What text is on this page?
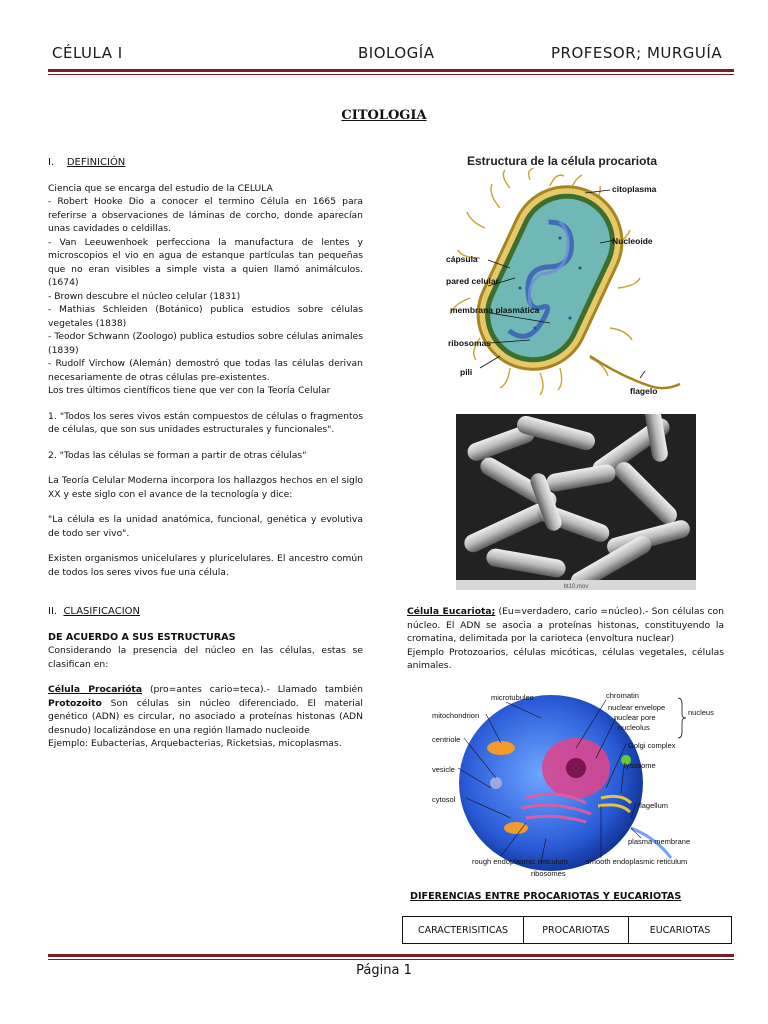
CÉLULA I	BIOLOGÍA	PROFESOR; MURGUÍA
CITOLOGIA

I. DEFINICIÓN

Ciencia que se encarga del estudio de la CELULA

- Robert Hooke Dio a conocer el termino Célula en 1665 para referirse a observaciones de láminas de corcho, donde aparecían unas cavidades o celdillas.

- Van Leeuwenhoek perfecciona la manufactura de lentes y microscopios el vio en agua de estanque partículas tan pequeñas que no eran visibles a simple vista a quien llamó animálculos.(1674)

- Brown descubre el núcleo celular (1831)

- Mathias Schleiden (Botánico) publica estudios sobre células vegetales (1838)

- Teodor Schwann (Zoologo) publica estudios sobre células animales (1839)

- Rudolf Virchow (Alemán) demostró que todas las células derivan necesariamente de otras células pre-existentes.

Los tres últimos científicos tiene que ver con la Teoría Celular

1. "Todos los seres vivos están compuestos de células o fragmentos de células, que son sus unidades estructurales y funcionales".

2. "Todas las células se forman a partir de otras células"

La Teoría Celular Moderna incorpora los hallazgos hechos en el siglo XX y este siglo con el avance de la tecnología y dice:

"La célula es la unidad anatómica, funcional, genética y evolutiva de todo ser vivo".

Existen organismos unicelulares y pluricelulares. El ancestro común de todos los seres vivos fue una célula.

II. CLASIFICACION

DE ACUERDO A SUS ESTRUCTURAS

Considerando la presencia del núcleo en las células, estas se clasifican en:

Célula Procarióta (pro=antes cario=teca).- Llamado también Protozoito Son células sin núcleo diferenciado. El material genético (ADN) es circular, no asociado a proteínas histonas (ADN desnudo) localizándose en una región llamado nucleoide

Ejemplo: Eubacterias, Arquebacterias, Ricketsias, micoplasmas.

Estructura de la célula procariota
citoplasma
Nucleoide
cápsula
pared celular
membrana plasmática
ribosomas
pili
flagelo
bt10.mov

Célula Eucariota; (Eu=verdadero, cario =núcleo).- Son células con núcleo. El ADN se asocia a proteínas histonas, constituyendo la cromatina, delimitada por la carioteca (envoltura nuclear)

Ejemplo Protozoarios, células micóticas, células vegetales, células animales.

microtubules	chromatin
nuclear envelope
nuclear pore
nucleolus
nucleus
mitochondrion
centriole
Golgi complex
vesicle	lysosome
cytosol
flagellum
plasma membrane
rough endoplasmic reticulum
ribosomes
smooth endoplasmic reticulum
DIFERENCIAS ENTRE PROCARIOTAS Y EUCARIOTAS
CARACTERISITICAS	PROCARIOTAS	EUCARIOTAS
Página 1
